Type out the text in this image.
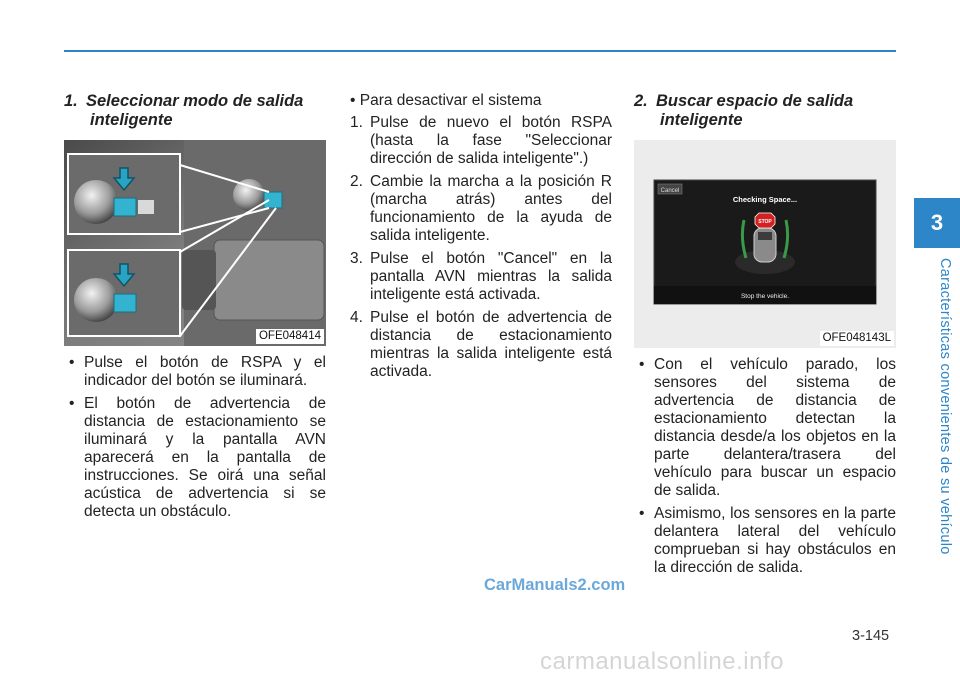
1. Seleccionar modo de salida inteligente
OFE048414
• Pulse el botón de RSPA y el indicador del botón se iluminará.
• El botón de advertencia de distancia de estacionamiento se iluminará y la pantalla AVN aparecerá en la pantalla de instrucciones. Se oirá una señal acústica de advertencia si se detecta un obstáculo.

• Para desactivar el sistema

1. Pulse de nuevo el botón RSPA (hasta la fase "Seleccionar dirección de salida inteligente".)
2. Cambie la marcha a la posición R (marcha atrás) antes del funcionamiento de la ayuda de salida inteligente.
3. Pulse el botón "Cancel" en la pantalla AVN mientras la salida inteligente está activada.
4. Pulse el botón de advertencia de distancia de estacionamiento mientras la salida inteligente está activada.
2. Buscar espacio de salida inteligente
Cancel
Checking Space...
STOP
Stop the vehicle.
OFE048143L
• Con el vehículo parado, los sensores del sistema de advertencia de distancia de estacionamiento detectan la distancia desde/a los objetos en la parte delantera/trasera del vehículo para buscar un espacio de salida.
• Asimismo, los sensores en la parte delantera lateral del vehículo comprueban si hay obstáculos en la dirección de salida.
3
Características convenientes de su vehículo
3-145
CarManuals2.com
carmanualsonline.info
